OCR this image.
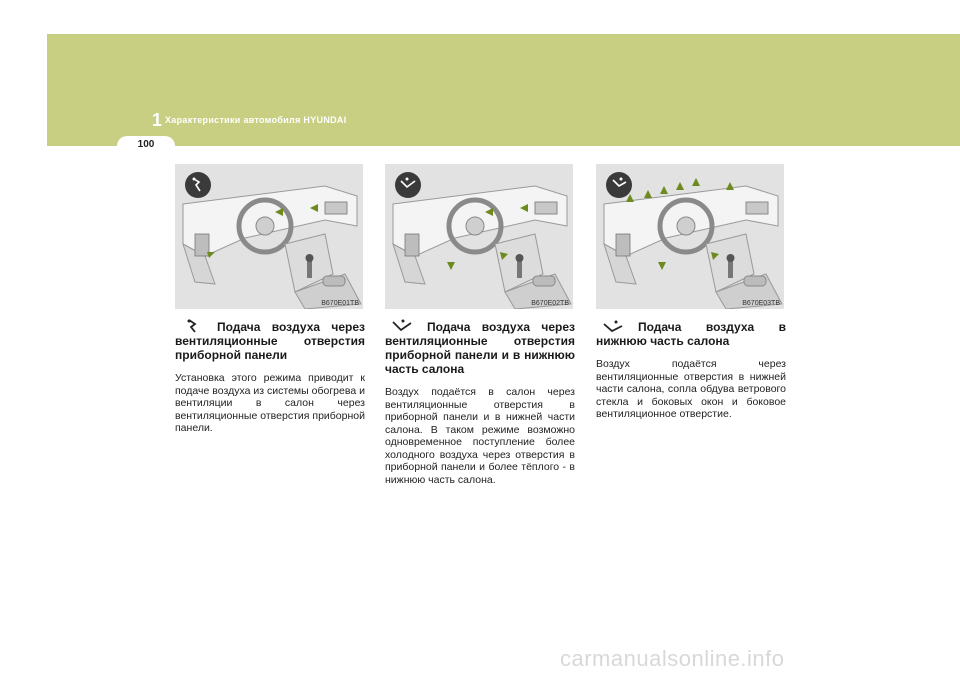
1 Характеристики автомобиля HYUNDAI
100
B670E01TB
Подача воздуха через вентиляционные отверстия приборной панели
Установка этого режима приводит к подаче воздуха из системы обогрева и вентиляции в салон через вентиляционные отверстия приборной панели.
B670E02TB
Подача воздуха через вентиляционные отверстия приборной панели и в нижнюю часть салона
Воздух подаётся в салон через вентиляционные отверстия в приборной панели и в нижней части салона. В таком режиме возможно одновременное поступление более холодного воздуха через отверстия в приборной панели и более тёплого - в нижнюю часть салона.
B670E03TB
Подача воздуха в нижнюю часть салона
Воздух подаётся через вентиляционные отверстия в нижней части салона, сопла обдува ветрового стекла и боковых окон и боковое вентиляционное отверстие.
carmanualsonline.info
